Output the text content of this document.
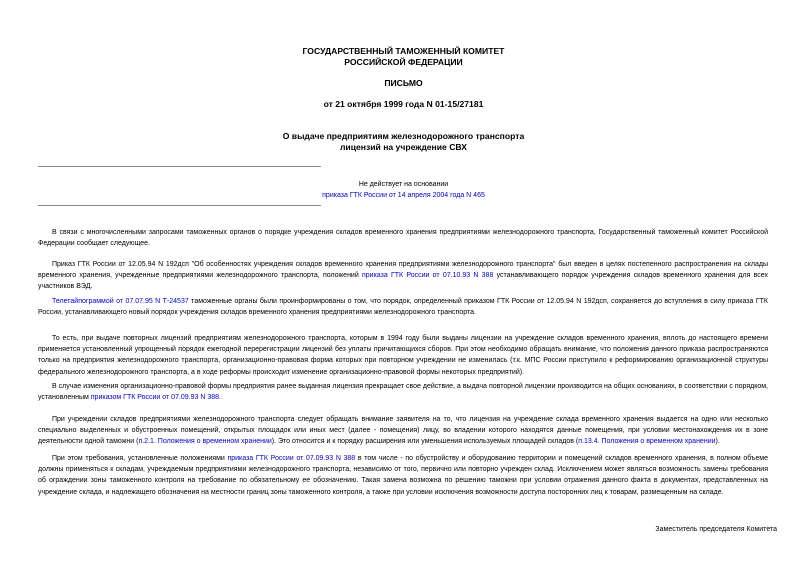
ГОСУДАРСТВЕННЫЙ ТАМОЖЕННЫЙ КОМИТЕТ
РОССИЙСКОЙ ФЕДЕРАЦИИ
ПИСЬМО
от 21 октября 1999 года N 01-15/27181
О выдаче предприятиям железнодорожного транспорта
лицензий на учреждение СВХ
Не действует на основании
приказа ГТК России от 14 апреля 2004 года N 465

В связи с многочисленными запросами таможенных органов о порядке учреждения складов временного хранения предприятиями железнодорожного транспорта, Государственный таможенный комитет Российской Федерации сообщает следующее.

Приказ ГТК России от 12.05.94 N 192дсп "Об особенностях учреждения складов временного хранения предприятиями железнодорожного транспорта" был введен в целях постепенного распространения на склады временного хранения, учрежденные предприятиями железнодорожного транспорта, положений приказа ГТК России от 07.10.93 N 388 устанавливающего порядок учреждения складов временного хранения для всех участников ВЭД.

Телетайпограммой от 07.07.95 N Т-24537 таможенные органы были проинформированы о том, что порядок, определенный приказом ГТК России от 12.05.94 N 192дсп, сохраняется до вступления в силу приказа ГТК России, устанавливающего новый порядок учреждения складов временного хранения предприятиями железнодорожного транспорта.

То есть, при выдаче повторных лицензий предприятиям железнодорожного транспорта, которым в 1994 году были выданы лицензии на учреждение складов временного хранения, вплоть до настоящего времени применяется установленный упрощенный порядок ежегодной перерегистрации лицензий без уплаты причитающихся сборов. При этом необходимо обращать внимание, что положения данного приказа распространяются только на предприятия железнодорожного транспорта, организационно-правовая форма которых при повторном учреждении не изменилась (т.к. МПС России приступило к реформированию организационной структуры федерального железнодорожного транспорта, а в ходе реформы происходит изменение организационно-правовой формы некоторых предприятий).

В случае изменения организационно-правовой формы предприятия ранее выданная лицензия прекращает свое действие, а выдача повторной лицензии производится на общих основаниях, в соответствии с порядком, установленным приказом ГТК России от 07.09.93 N 388.

При учреждении складов предприятиями железнодорожного транспорта следует обращать внимание заявителя на то, что лицензия на учреждение склада временного хранения выдается на одно или несколько специально выделенных и обустроенных помещений, открытых площадок или иных мест (далее - помещения) лицу, во владении которого находятся данные помещения, при условии местонахождения их в зоне деятельности одной таможни (п.2.1. Положения о временном хранении). Это относится и к порядку расширения или уменьшения используемых площадей складов (п.13.4. Положения о временном хранении).

При этом требования, установленные положениями приказа ГТК России от 07.09.93 N 388 в том числе - по обустройству и оборудованию территории и помещений складов временного хранения, в полном объеме должны применяться к складам, учреждаемым предприятиями железнодорожного транспорта, независимо от того, первично или повторно учрежден склад. Исключением может являться возможность замены требования об ограждении зоны таможенного контроля на требование по обязательному ее обозначению. Такая замена возможна по решению таможни при условии отражения данного факта в документах, представленных на учреждение склада, и надлежащего обозначения на местности границ зоны таможенного контроля, а также при условии исключения возможности доступа посторонних лиц к товарам, размещенным на складе.

Заместитель председателя Комитета
